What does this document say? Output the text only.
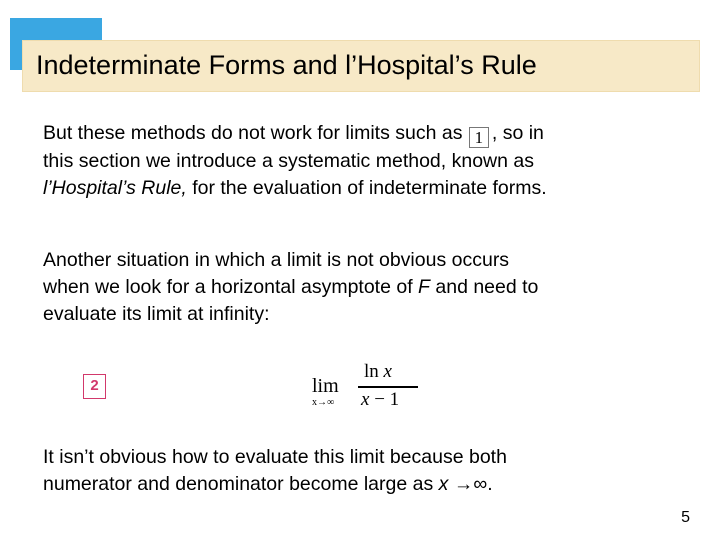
Indeterminate Forms and l’Hospital’s Rule
But these methods do not work for limits such as 1 , so in
this section we introduce a systematic method, known as
l’Hospital’s Rule, for the evaluation of indeterminate forms.
Another situation in which a limit is not obvious occurs
when we look for a horizontal asymptote of F and need to
evaluate its limit at infinity:
2	lim
x→∞
ln x
x − 1
It isn’t obvious how to evaluate this limit because both
numerator and denominator become large as x →∞.
5
